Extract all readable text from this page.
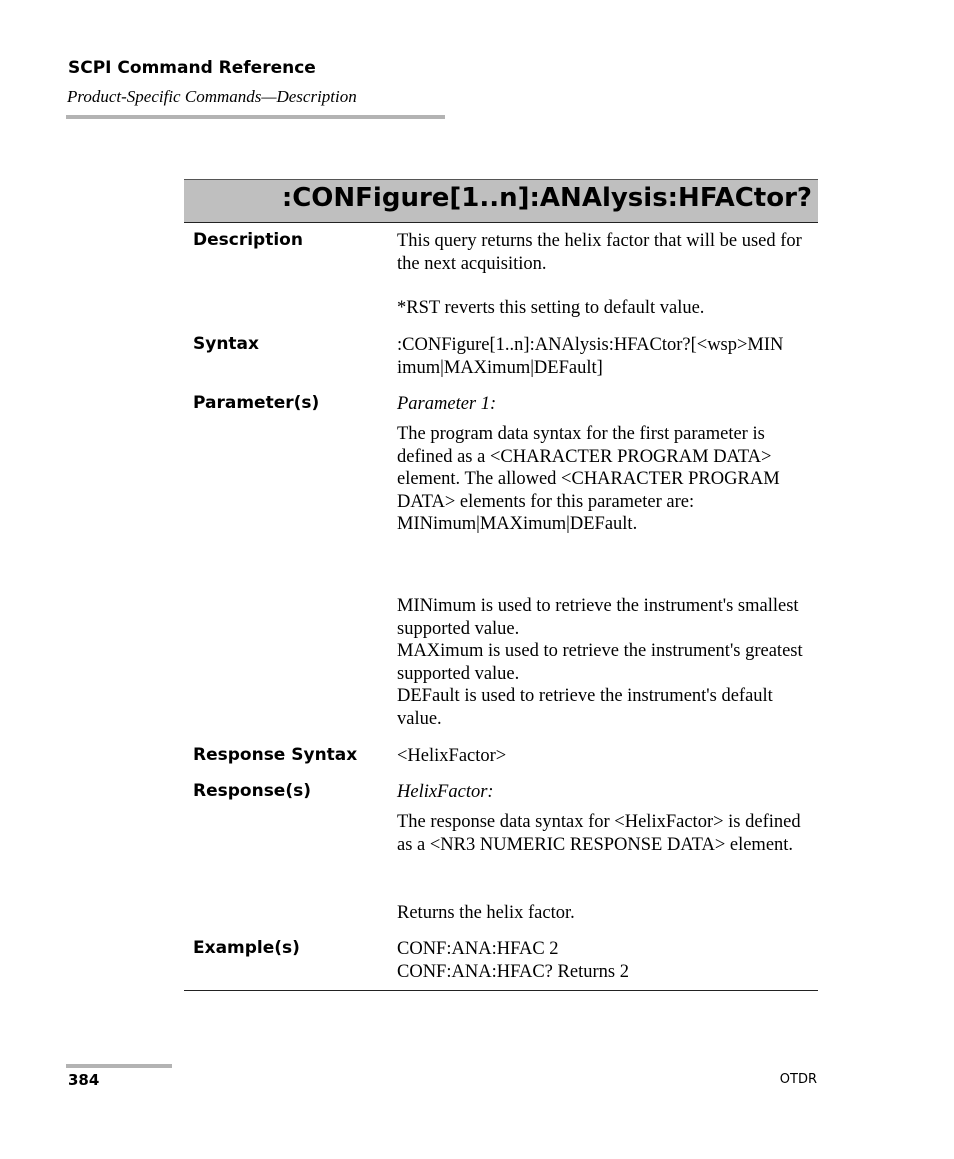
SCPI Command Reference
Product-Specific Commands—Description
:CONFigure[1..n]:ANAlysis:HFACtor?
Description	This query returns the helix factor that will be used for the next acquisition.
*RST reverts this setting to default value.
Syntax	:CONFigure[1..n]:ANAlysis:HFACtor?[<wsp>MIN
imum|MAXimum|DEFault]
Parameter(s)	Parameter 1:
The program data syntax for the first parameter is defined as a <CHARACTER PROGRAM DATA> element. The allowed <CHARACTER PROGRAM DATA> elements for this parameter are: MINimum|MAXimum|DEFault.
MINimum is used to retrieve the instrument's smallest supported value.
MAXimum is used to retrieve the instrument's greatest supported value.
DEFault is used to retrieve the instrument's default value.
Response Syntax <HelixFactor>
Response(s)	HelixFactor:
The response data syntax for <HelixFactor> is defined as a <NR3 NUMERIC RESPONSE DATA> element.
Returns the helix factor.
Example(s)	CONF:ANA:HFAC 2
CONF:ANA:HFAC? Returns 2
384	OTDR
